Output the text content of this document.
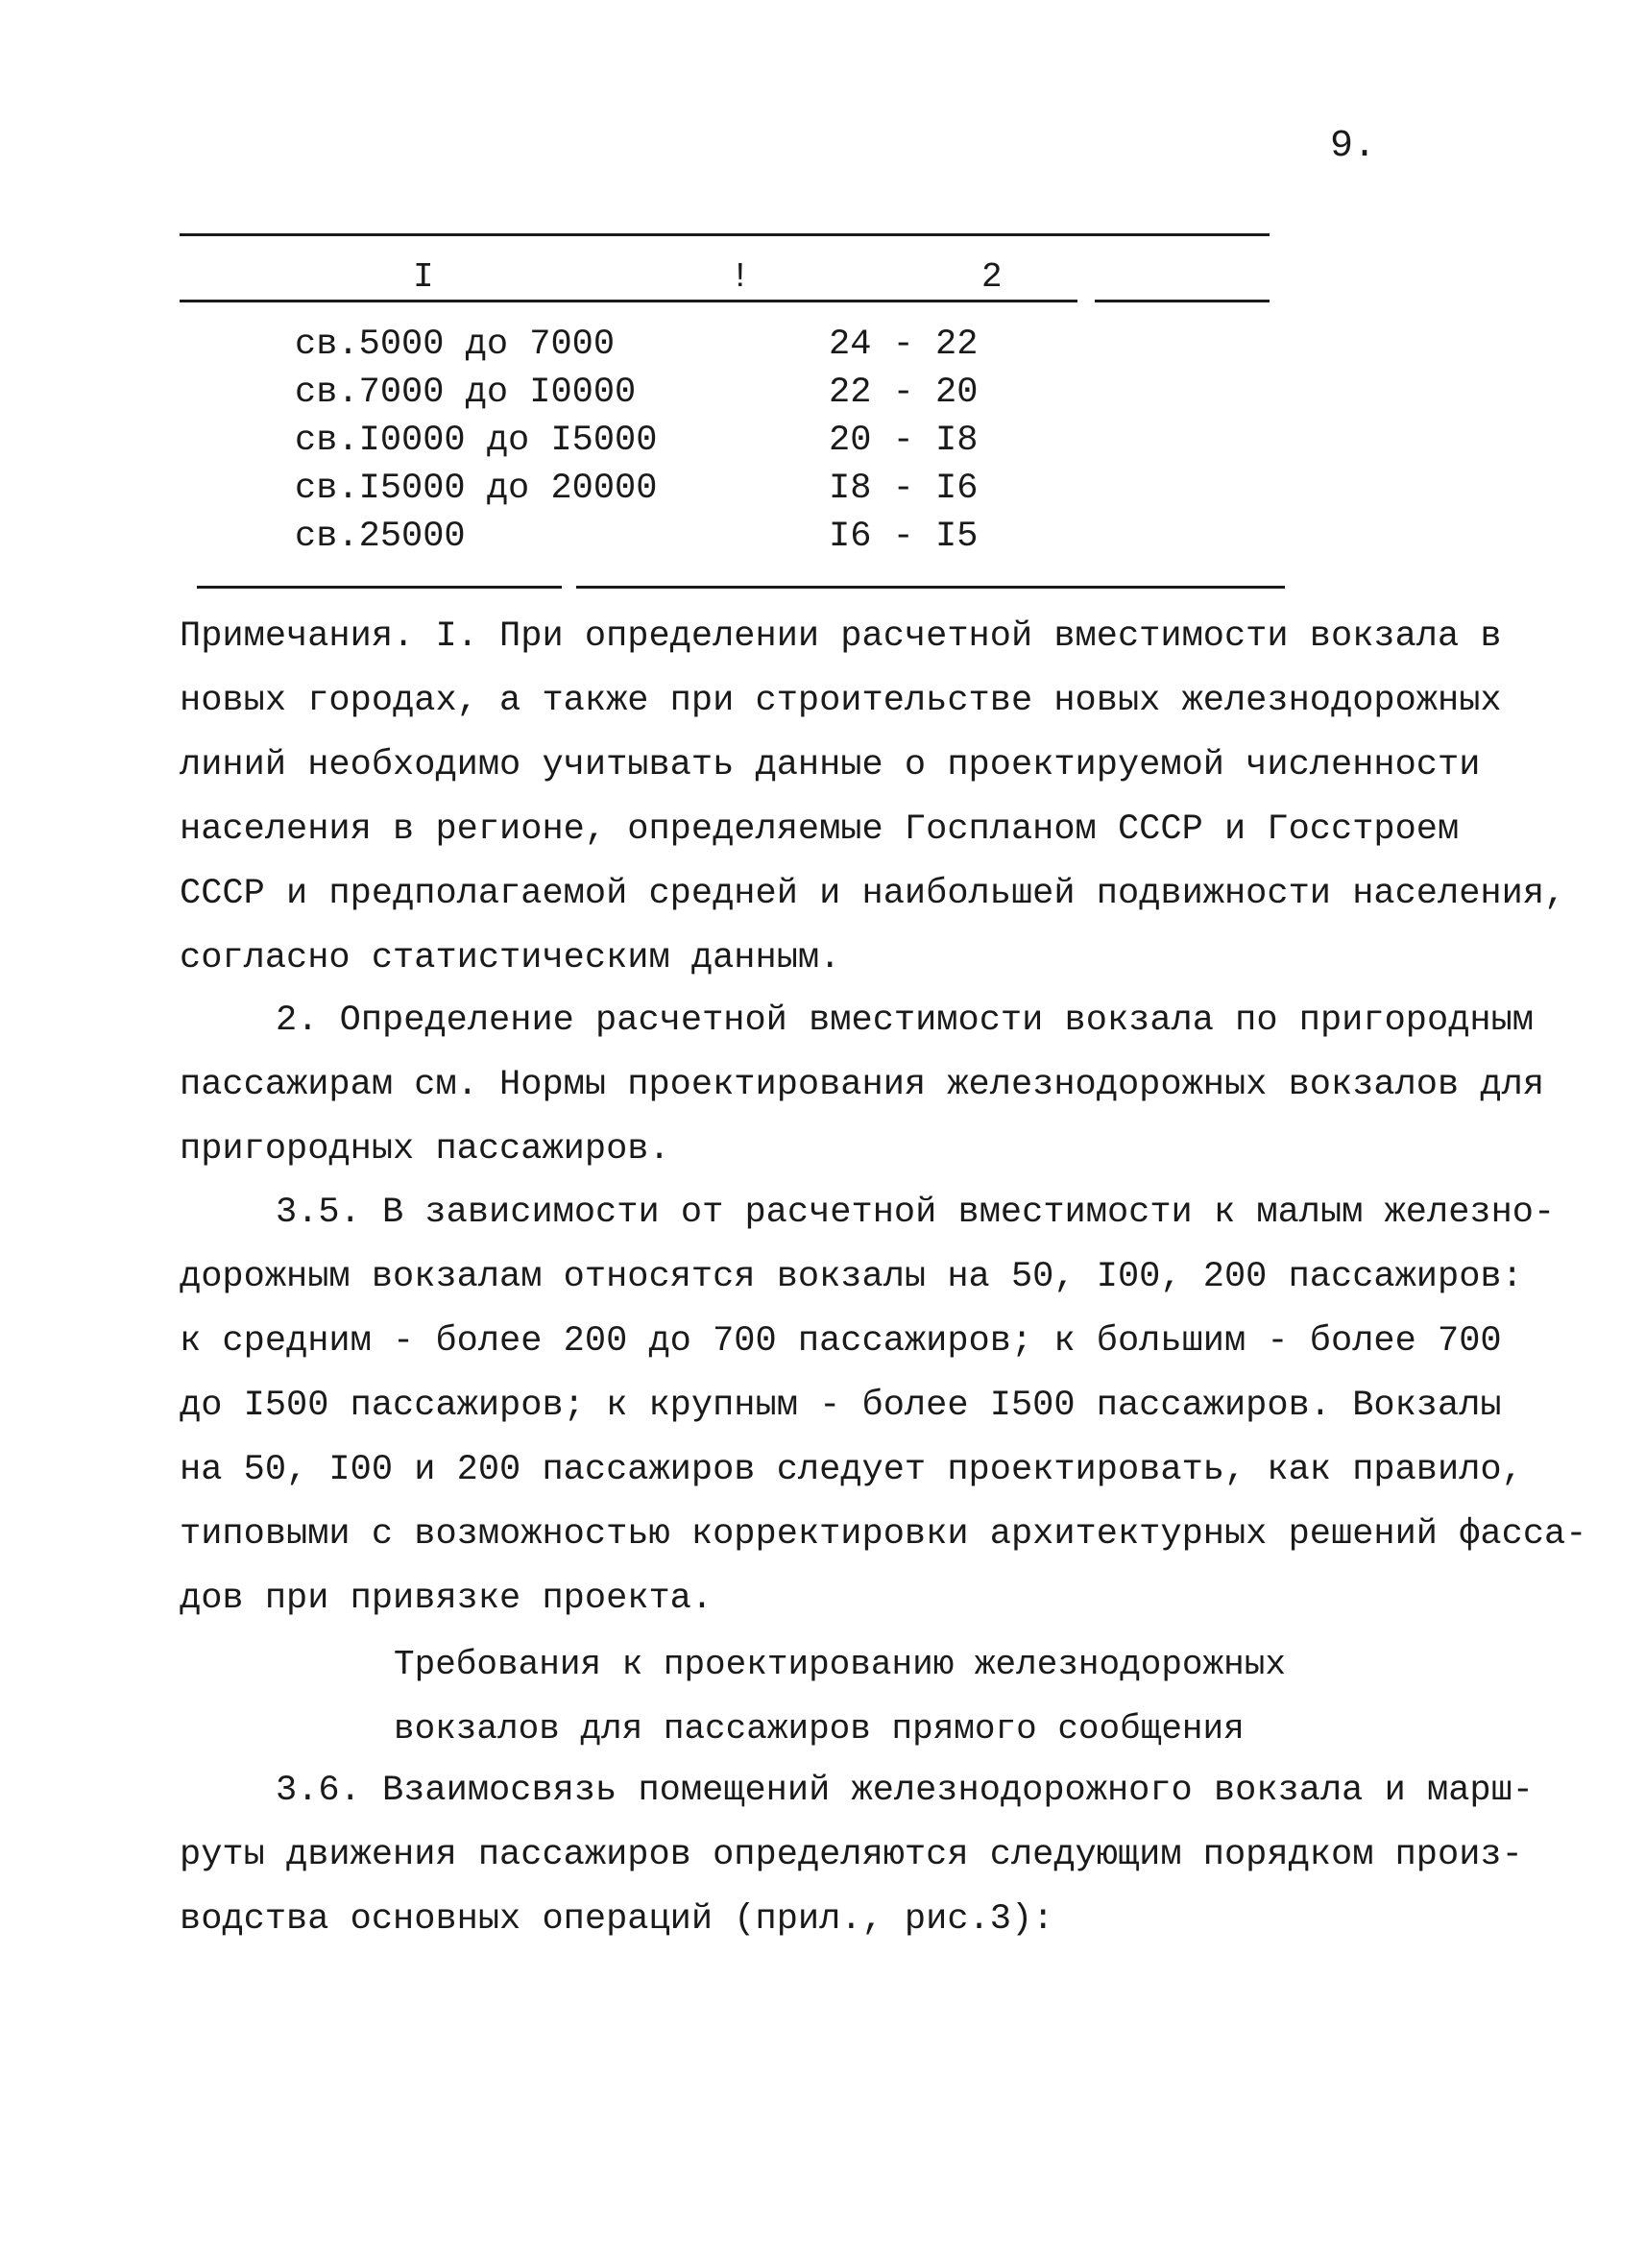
9.
I	!	2
св.5000 до 7000	24 - 22
св.7000 до I0000	22 - 20
св.I0000 до I5000	20 - I8
св.I5000 до 20000	I8 - I6
св.25000	I6 - I5
Примечания. I. При определении расчетной вместимости вокзала в
новых городах, а также при строительстве новых железнодорожных
линий необходимо учитывать данные о проектируемой численности
населения в регионе, определяемые Госпланом СССР и Госстроем
СССР и предполагаемой средней и наибольшей подвижности населения,
согласно статистическим данным.
2. Определение расчетной вместимости вокзала по пригородным
пассажирам см. Нормы проектирования железнодорожных вокзалов для
пригородных пассажиров.
3.5. В зависимости от расчетной вместимости к малым железно-
дорожным вокзалам относятся вокзалы на 50, I00, 200 пассажиров:
к средним - более 200 до 700 пассажиров; к большим - более 700
до I500 пассажиров; к крупным - более I500 пассажиров. Вокзалы
на 50, I00 и 200 пассажиров следует проектировать, как правило,
типовыми с возможностью корректировки архитектурных решений фасса-
дов при привязке проекта.
Требования к проектированию железнодорожных
вокзалов для пассажиров прямого сообщения
3.6. Взаимосвязь помещений железнодорожного вокзала и марш-
руты движения пассажиров определяются следующим порядком произ-
водства основных операций (прил., рис.3):
